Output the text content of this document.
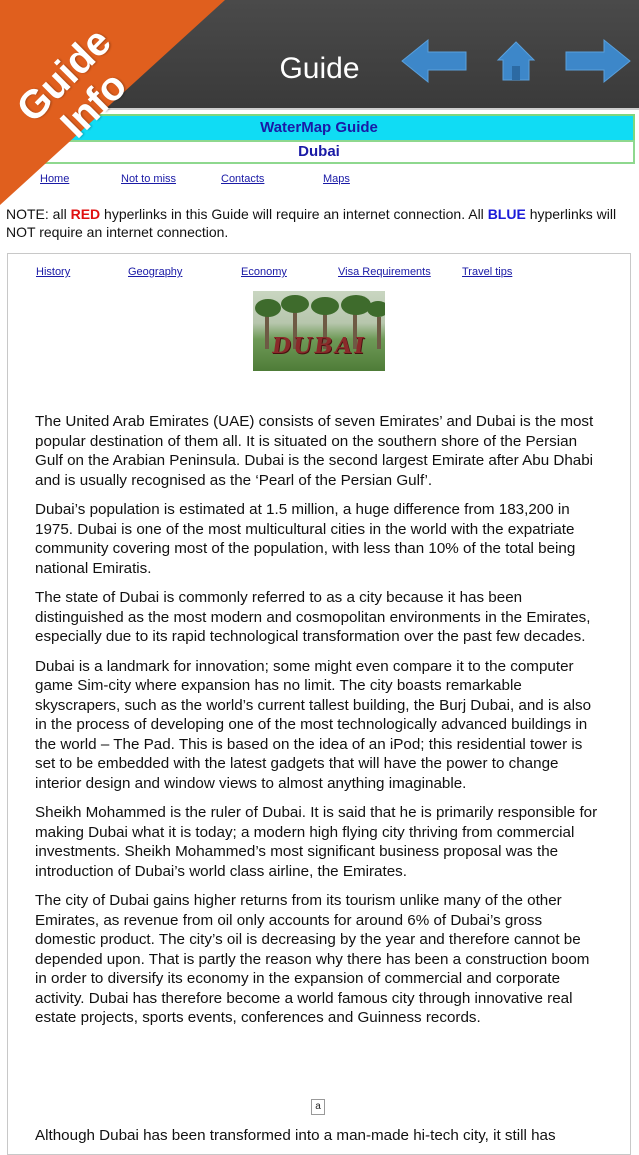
Guide
Guide Info	WaterMap Guide
Dubai
Home	Not to miss	Contacts	Maps
NOTE: all RED hyperlinks in this Guide will require an internet connection. All BLUE hyperlinks will NOT require an internet connection.
History	Geography	Economy	Visa Requirements	Travel tips
DUBAI

The United Arab Emirates (UAE) consists of seven Emirates’ and Dubai is the most popular destination of them all. It is situated on the southern shore of the Persian Gulf on the Arabian Peninsula. Dubai is the second largest Emirate after Abu Dhabi and is usually recognised as the ‘Pearl of the Persian Gulf’.

Dubai’s population is estimated at 1.5 million, a huge difference from 183,200 in 1975. Dubai is one of the most multicultural cities in the world with the expatriate community covering most of the population, with less than 10% of the total being national Emiratis.

The state of Dubai is commonly referred to as a city because it has been distinguished as the most modern and cosmopolitan environments in the Emirates, especially due to its rapid technological transformation over the past few decades.

Dubai is a landmark for innovation; some might even compare it to the computer game Sim-city where expansion has no limit. The city boasts remarkable skyscrapers, such as the world’s current tallest building, the Burj Dubai, and is also in the process of developing one of the most technologically advanced buildings in the world – The Pad. This is based on the idea of an iPod; this residential tower is set to be embedded with the latest gadgets that will have the power to change interior design and window views to almost anything imaginable.

Sheikh Mohammed is the ruler of Dubai. It is said that he is primarily responsible for making Dubai what it is today; a modern high flying city thriving from commercial investments. Sheikh Mohammed’s most significant business proposal was the introduction of Dubai’s world class airline, the Emirates.

The city of Dubai gains higher returns from its tourism unlike many of the other Emirates, as revenue from oil only accounts for around 6% of Dubai’s gross domestic product. The city’s oil is decreasing by the year and therefore cannot be depended upon. That is partly the reason why there has been a construction boom in order to diversify its economy in the expansion of commercial and corporate activity. Dubai has therefore become a world famous city through innovative real estate projects, sports events, conferences and Guinness records.

a
Although Dubai has been transformed into a man-made hi-tech city, it still has
